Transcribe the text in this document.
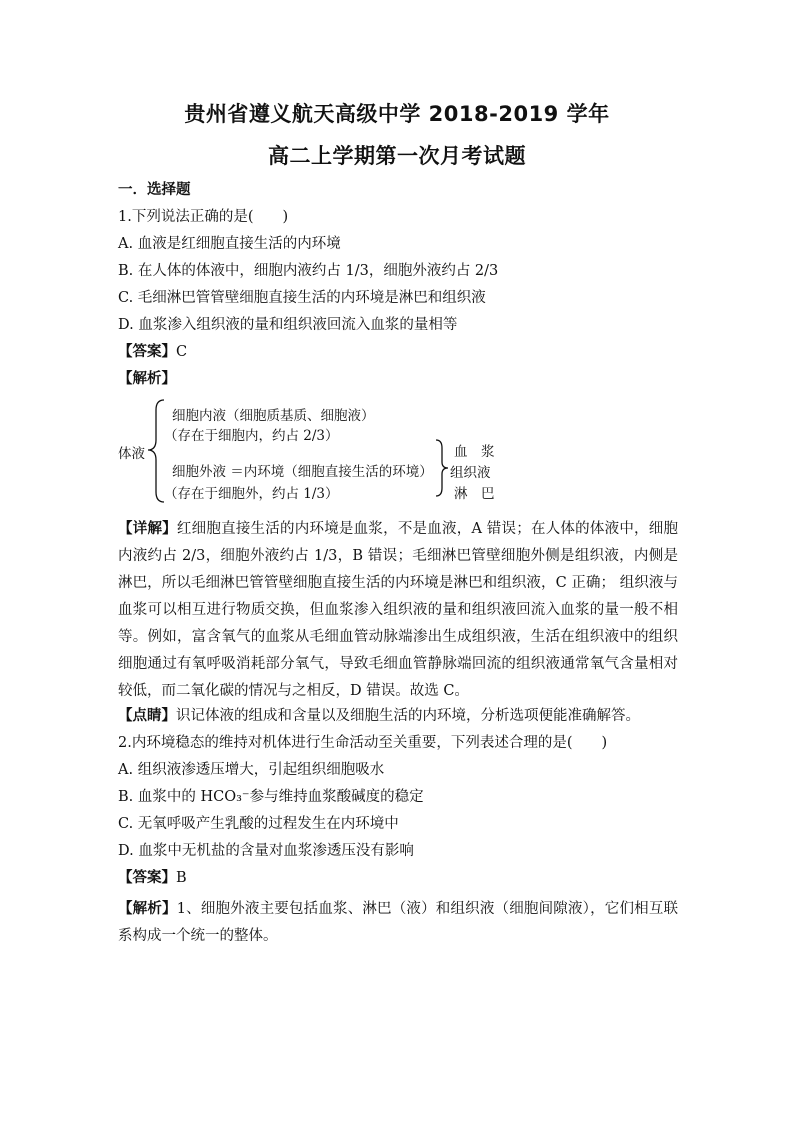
贵州省遵义航天高级中学 2018-2019 学年
高二上学期第一次月考试题
一．选择题
1.下列说法正确的是(　　)
A. 血液是红细胞直接生活的内环境
B. 在人体的体液中，细胞内液约占 1/3，细胞外液约占 2/3
C. 毛细淋巴管管壁细胞直接生活的内环境是淋巴和组织液
D. 血浆渗入组织液的量和组织液回流入血浆的量相等
【答案】C
【解析】
体液
细胞内液（细胞质基质、细胞液）
（存在于细胞内，约占 2/3）
细胞外液 ＝内环境（细胞直接生活的环境）
（存在于细胞外，约占 1/3）
血　浆
组织液
淋　巴
【详解】红细胞直接生活的内环境是血浆，不是血液，A 错误；在人体的体液中，细胞内液约占 2/3，细胞外液约占 1/3，B 错误；毛细淋巴管壁细胞外侧是组织液，内侧是淋巴，所以毛细淋巴管管壁细胞直接生活的内环境是淋巴和组织液，C 正确； 组织液与血浆可以相互进行物质交换，但血浆渗入组织液的量和组织液回流入血浆的量一般不相等。例如，富含氧气的血浆从毛细血管动脉端渗出生成组织液，生活在组织液中的组织细胞通过有氧呼吸消耗部分氧气，导致毛细血管静脉端回流的组织液通常氧气含量相对较低，而二氧化碳的情况与之相反，D 错误。故选 C。
【点睛】识记体液的组成和含量以及细胞生活的内环境，分析选项便能准确解答。
2.内环境稳态的维持对机体进行生命活动至关重要，下列表述合理的是(　　)
A. 组织液渗透压增大，引起组织细胞吸水
B. 血浆中的 HCO₃⁻参与维持血浆酸碱度的稳定
C. 无氧呼吸产生乳酸的过程发生在内环境中
D. 血浆中无机盐的含量对血浆渗透压没有影响
【答案】B
【解析】1、细胞外液主要包括血浆、淋巴（液）和组织液（细胞间隙液），它们相互联系构成一个统一的整体。
